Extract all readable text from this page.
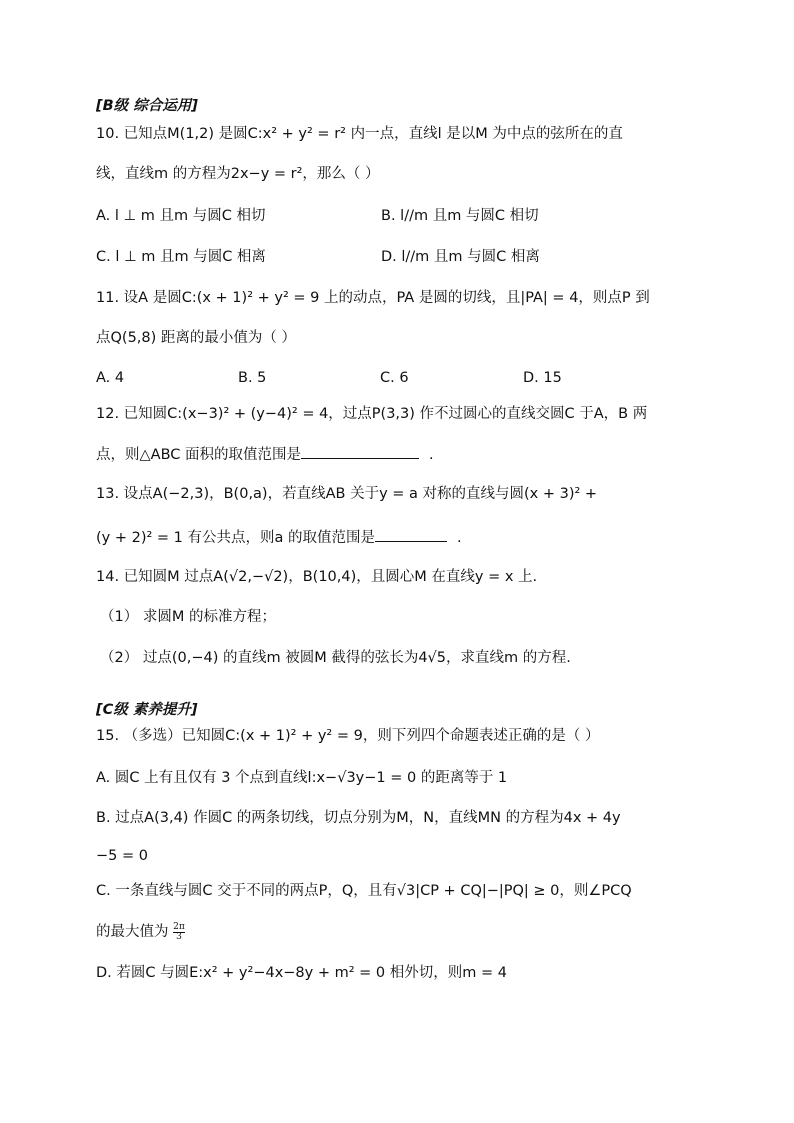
[B级 综合运用]
10. 已知点M(1,2) 是圆C:x² + y² = r² 内一点，直线l 是以M 为中点的弦所在的直
线，直线m 的方程为2x−y = r²，那么（ ）
A. l ⊥ m 且m 与圆C 相切	B. l//m 且m 与圆C 相切
C. l ⊥ m 且m 与圆C 相离	D. l//m 且m 与圆C 相离
11. 设A 是圆C:(x + 1)² + y² = 9 上的动点，PA 是圆的切线，且|PA| = 4，则点P 到
点Q(5,8) 距离的最小值为（ ）
A. 4	B. 5	C. 6	D. 15
12. 已知圆C:(x−3)² + (y−4)² = 4，过点P(3,3) 作不过圆心的直线交圆C 于A，B 两
点，则△ABC 面积的取值范围是	.
13. 设点A(−2,3)，B(0,a)，若直线AB 关于y = a 对称的直线与圆(x + 3)² +
(y + 2)² = 1 有公共点，则a 的取值范围是	.
14. 已知圆M 过点A(√2,−√2)，B(10,4)，且圆心M 在直线y = x 上.
（1） 求圆M 的标准方程；
（2） 过点(0,−4) 的直线m 被圆M 截得的弦长为4√5，求直线m 的方程.
[C级 素养提升]
15. （多选）已知圆C:(x + 1)² + y² = 9，则下列四个命题表述正确的是（ ）
A. 圆C 上有且仅有 3 个点到直线l:x−√3y−1 = 0 的距离等于 1
B. 过点A(3,4) 作圆C 的两条切线，切点分别为M，N，直线MN 的方程为4x + 4y
−5 = 0
C. 一条直线与圆C 交于不同的两点P，Q，且有√3|CP + CQ|−|PQ| ≥ 0，则∠PCQ
的最大值为 $\frac{2\pi}{3}$
D. 若圆C 与圆E:x² + y²−4x−8y + m² = 0 相外切，则m = 4
